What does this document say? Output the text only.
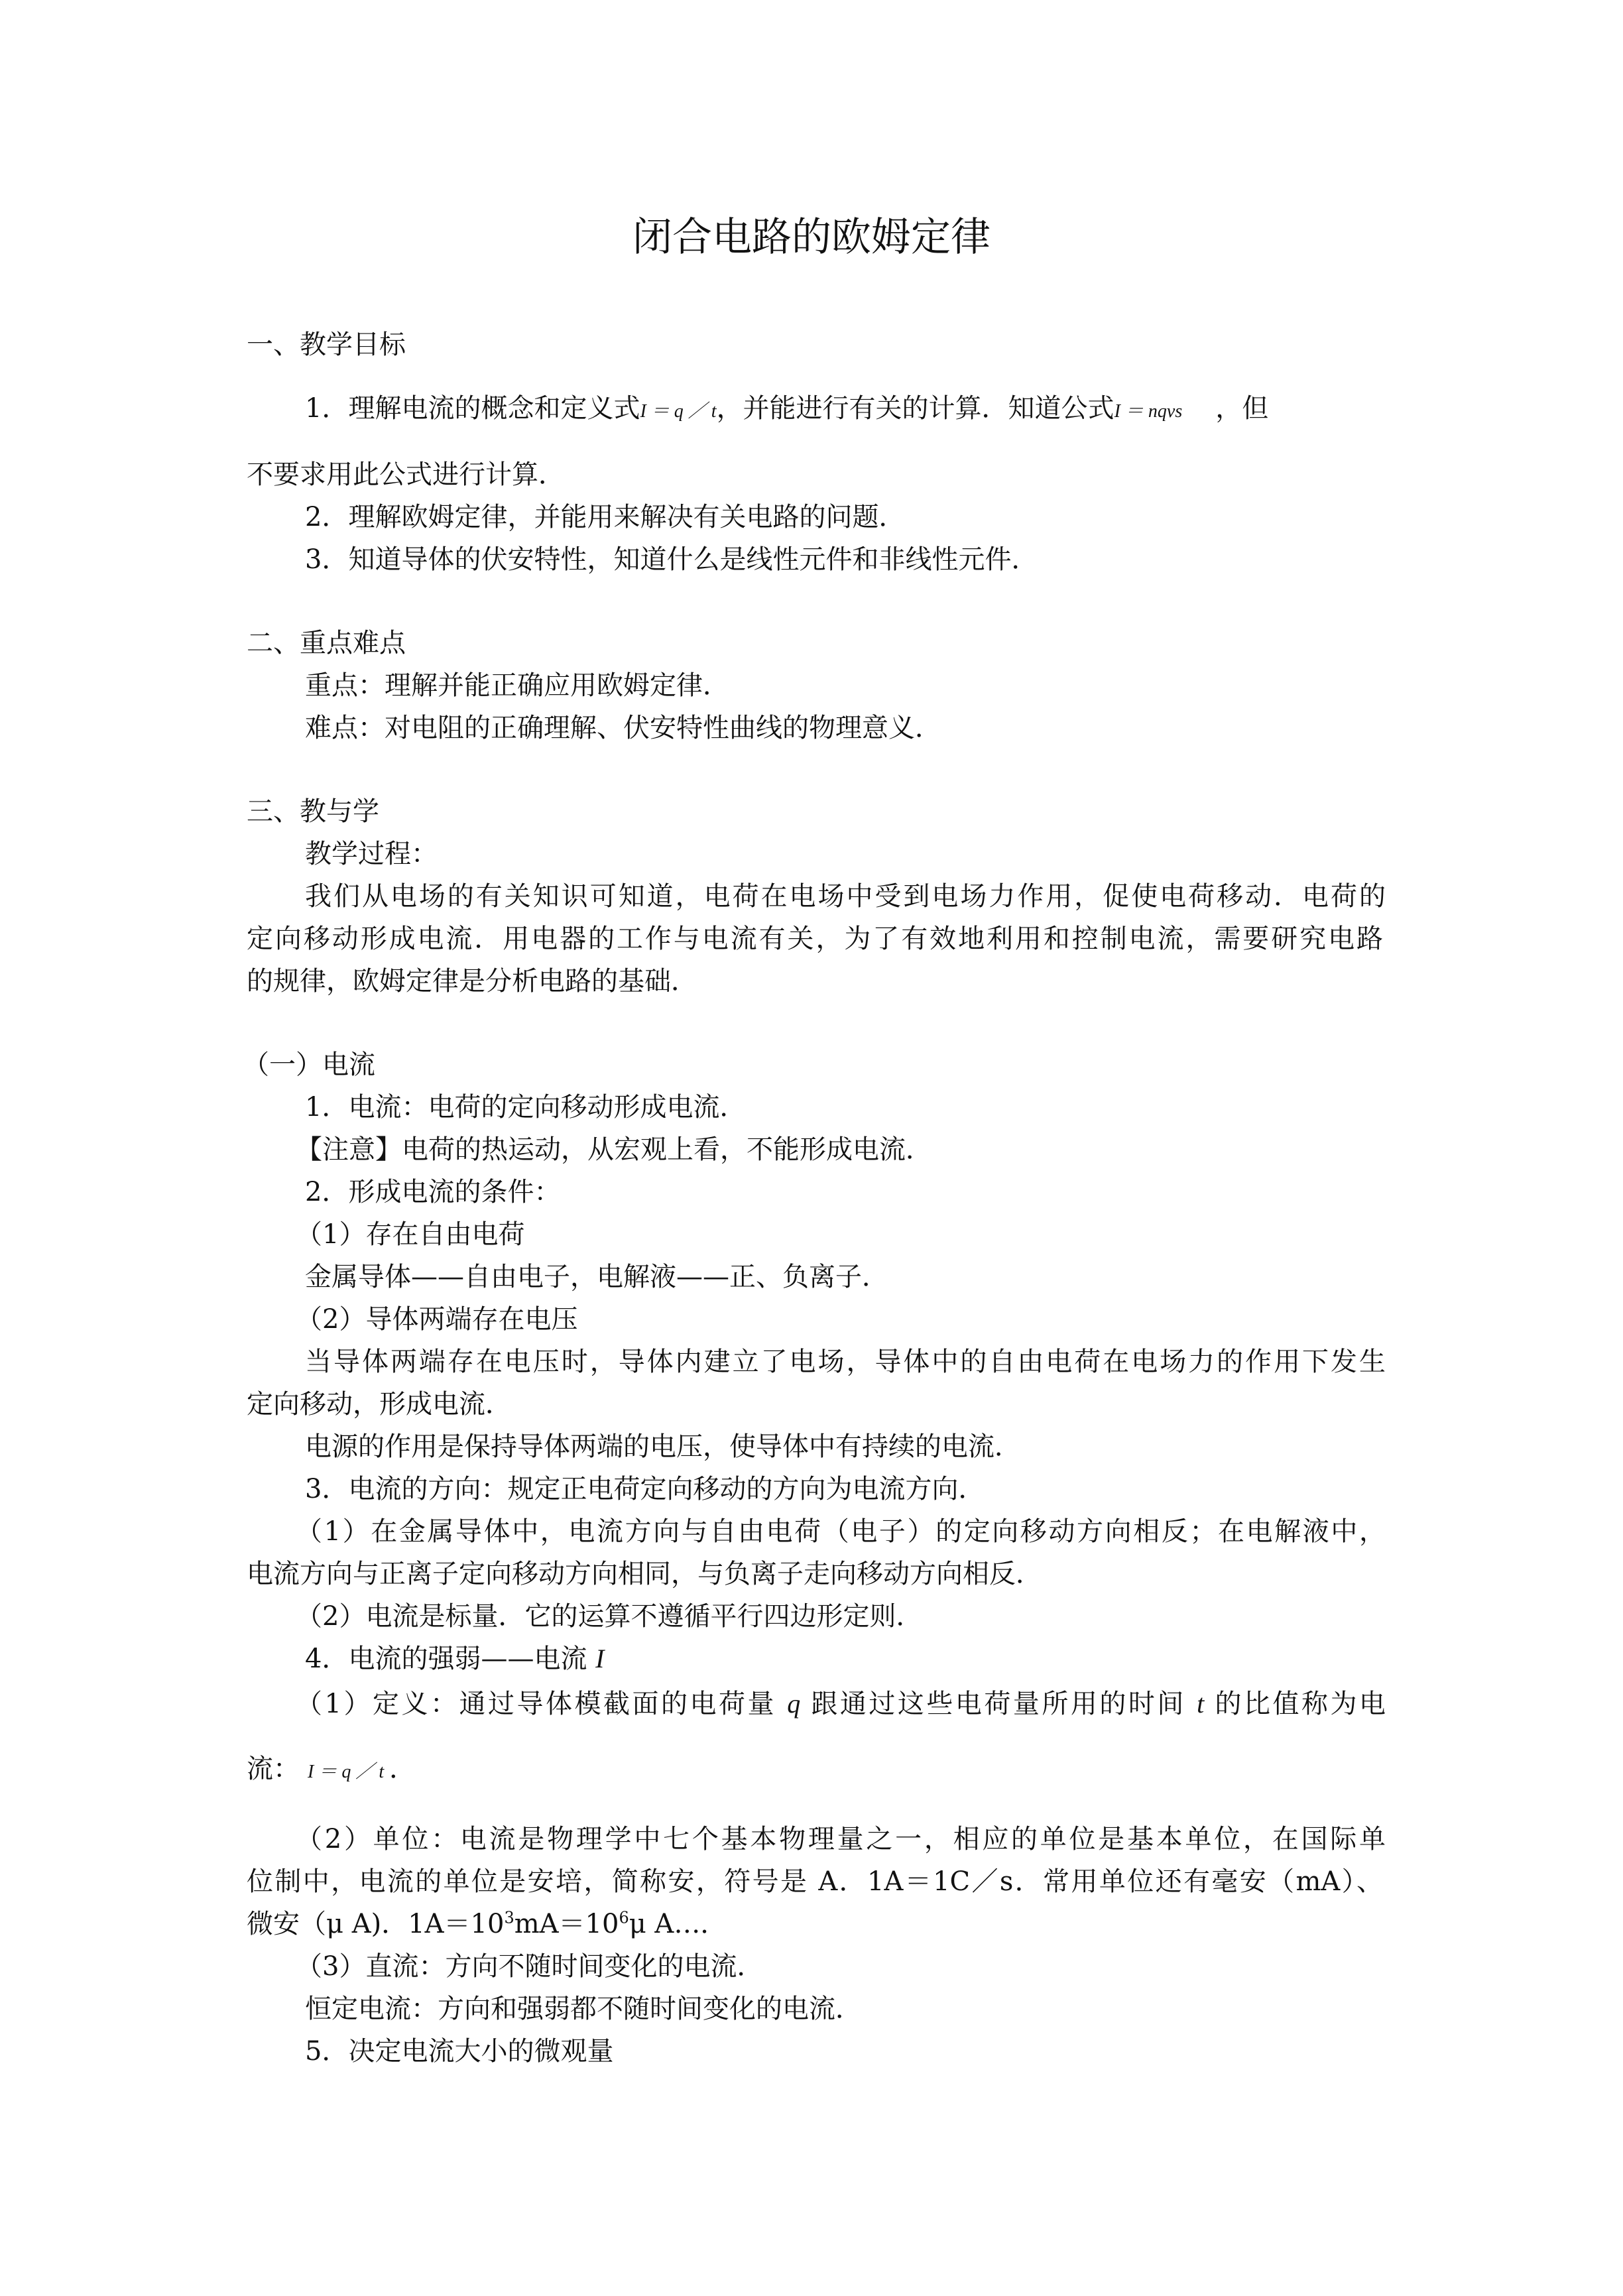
闭合电路的欧姆定律
一、教学目标
1．理解电流的概念和定义式I ＝ q ／ t，并能进行有关的计算．知道公式I ＝ nqvs ，但
不要求用此公式进行计算．
2．理解欧姆定律，并能用来解决有关电路的问题．
3．知道导体的伏安特性，知道什么是线性元件和非线性元件．
二、重点难点
重点：理解并能正确应用欧姆定律．
难点：对电阻的正确理解、伏安特性曲线的物理意义．
三、教与学
教学过程：
我们从电场的有关知识可知道，电荷在电场中受到电场力作用，促使电荷移动．电荷的
定向移动形成电流．用电器的工作与电流有关，为了有效地利用和控制电流，需要研究电路
的规律，欧姆定律是分析电路的基础．
（一）电流
1．电流：电荷的定向移动形成电流．
【注意】电荷的热运动，从宏观上看，不能形成电流．
2．形成电流的条件：
（1）存在自由电荷
金属导体——自由电子，电解液——正、负离子．
（2）导体两端存在电压
当导体两端存在电压时，导体内建立了电场，导体中的自由电荷在电场力的作用下发生
定向移动，形成电流．
电源的作用是保持导体两端的电压，使导体中有持续的电流．
3．电流的方向：规定正电荷定向移动的方向为电流方向．
（1）在金属导体中，电流方向与自由电荷（电子）的定向移动方向相反；在电解液中，
电流方向与正离子定向移动方向相同，与负离子走向移动方向相反．
（2）电流是标量．它的运算不遵循平行四边形定则．
4．电流的强弱——电流 I
（1）定义：通过导体模截面的电荷量 q 跟通过这些电荷量所用的时间 t 的比值称为电
流： I ＝ q ／ t ．
（2）单位：电流是物理学中七个基本物理量之一，相应的单位是基本单位，在国际单
位制中，电流的单位是安培，简称安，符号是 A．1A＝1C／s．常用单位还有毫安（mA）、
微安（μ A)．$1A=10^3mA=10^6\mu$ A…．
（3）直流：方向不随时间变化的电流．
恒定电流：方向和强弱都不随时间变化的电流．
5．决定电流大小的微观量
